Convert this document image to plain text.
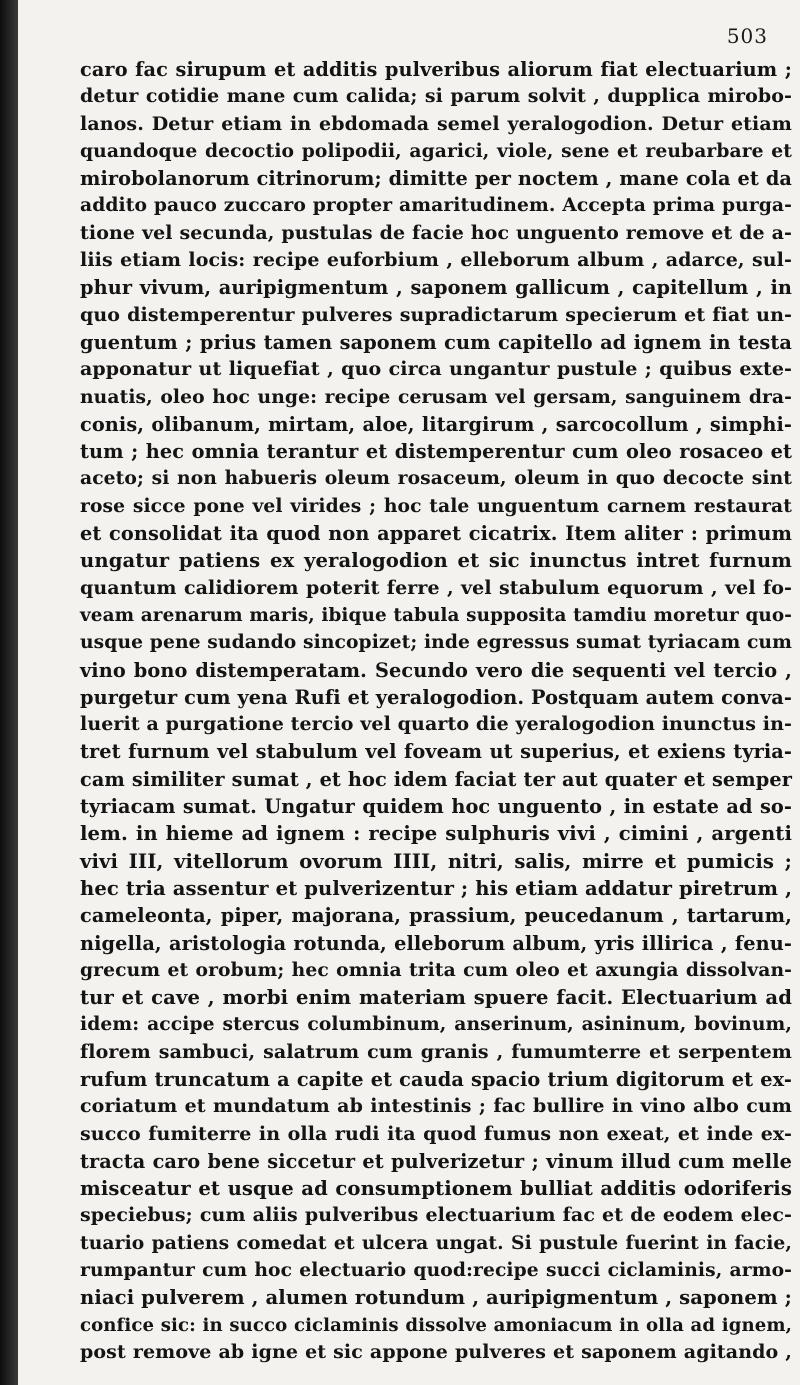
503
caro fac sirupum et additis pulveribus aliorum fiat electuarium ;
detur cotidie mane cum calida; si parum solvit , dupplica mirobo-
lanos. Detur etiam in ebdomada semel yeralogodion. Detur etiam
quandoque decoctio polipodii, agarici, viole, sene et reubarbare et
mirobolanorum citrinorum; dimitte per noctem , mane cola et da
addito pauco zuccaro propter amaritudinem. Accepta prima purga-
tione vel secunda, pustulas de facie hoc unguento remove et de a-
liis etiam locis: recipe euforbium , elleborum album , adarce, sul-
phur vivum, auripigmentum , saponem gallicum , capitellum , in
quo distemperentur pulveres supradictarum specierum et fiat un-
guentum ; prius tamen saponem cum capitello ad ignem in testa
apponatur ut liquefiat , quo circa ungantur pustule ; quibus exte-
nuatis, oleo hoc unge: recipe cerusam vel gersam, sanguinem dra-
conis, olibanum, mirtam, aloe, litargirum , sarcocollum , simphi-
tum ; hec omnia terantur et distemperentur cum oleo rosaceo et
aceto; si non habueris oleum rosaceum, oleum in quo decocte sint
rose sicce pone vel virides ; hoc tale unguentum carnem restaurat
et consolidat ita quod non apparet cicatrix. Item aliter : primum
ungatur patiens ex yeralogodion et sic inunctus intret furnum
quantum calidiorem poterit ferre , vel stabulum equorum , vel fo-
veam arenarum maris, ibique tabula supposita tamdiu moretur quo-
usque pene sudando sincopizet; inde egressus sumat tyriacam cum
vino bono distemperatam. Secundo vero die sequenti vel tercio ,
purgetur cum yena Rufi et yeralogodion. Postquam autem conva-
luerit a purgatione tercio vel quarto die yeralogodion inunctus in-
tret furnum vel stabulum vel foveam ut superius, et exiens tyria-
cam similiter sumat , et hoc idem faciat ter aut quater et semper
tyriacam sumat. Ungatur quidem hoc unguento , in estate ad so-
lem. in hieme ad ignem : recipe sulphuris vivi , cimini , argenti
vivi III, vitellorum ovorum IIII, nitri, salis, mirre et pumicis ;
hec tria assentur et pulverizentur ; his etiam addatur piretrum ,
cameleonta, piper, majorana, prassium, peucedanum , tartarum,
nigella, aristologia rotunda, elleborum album, yris illirica , fenu-
grecum et orobum; hec omnia trita cum oleo et axungia dissolvan-
tur et cave , morbi enim materiam spuere facit. Electuarium ad
idem: accipe stercus columbinum, anserinum, asininum, bovinum,
florem sambuci, salatrum cum granis , fumumterre et serpentem
rufum truncatum a capite et cauda spacio trium digitorum et ex-
coriatum et mundatum ab intestinis ; fac bullire in vino albo cum
succo fumiterre in olla rudi ita quod fumus non exeat, et inde ex-
tracta caro bene siccetur et pulverizetur ; vinum illud cum melle
misceatur et usque ad consumptionem bulliat additis odoriferis
speciebus; cum aliis pulveribus electuarium fac et de eodem elec-
tuario patiens comedat et ulcera ungat. Si pustule fuerint in facie,
rumpantur cum hoc electuario quod:recipe succi ciclaminis, armo-
niaci pulverem , alumen rotundum , auripigmentum , saponem ;
confice sic: in succo ciclaminis dissolve amoniacum in olla ad ignem,
post remove ab igne et sic appone pulveres et saponem agitando ,
